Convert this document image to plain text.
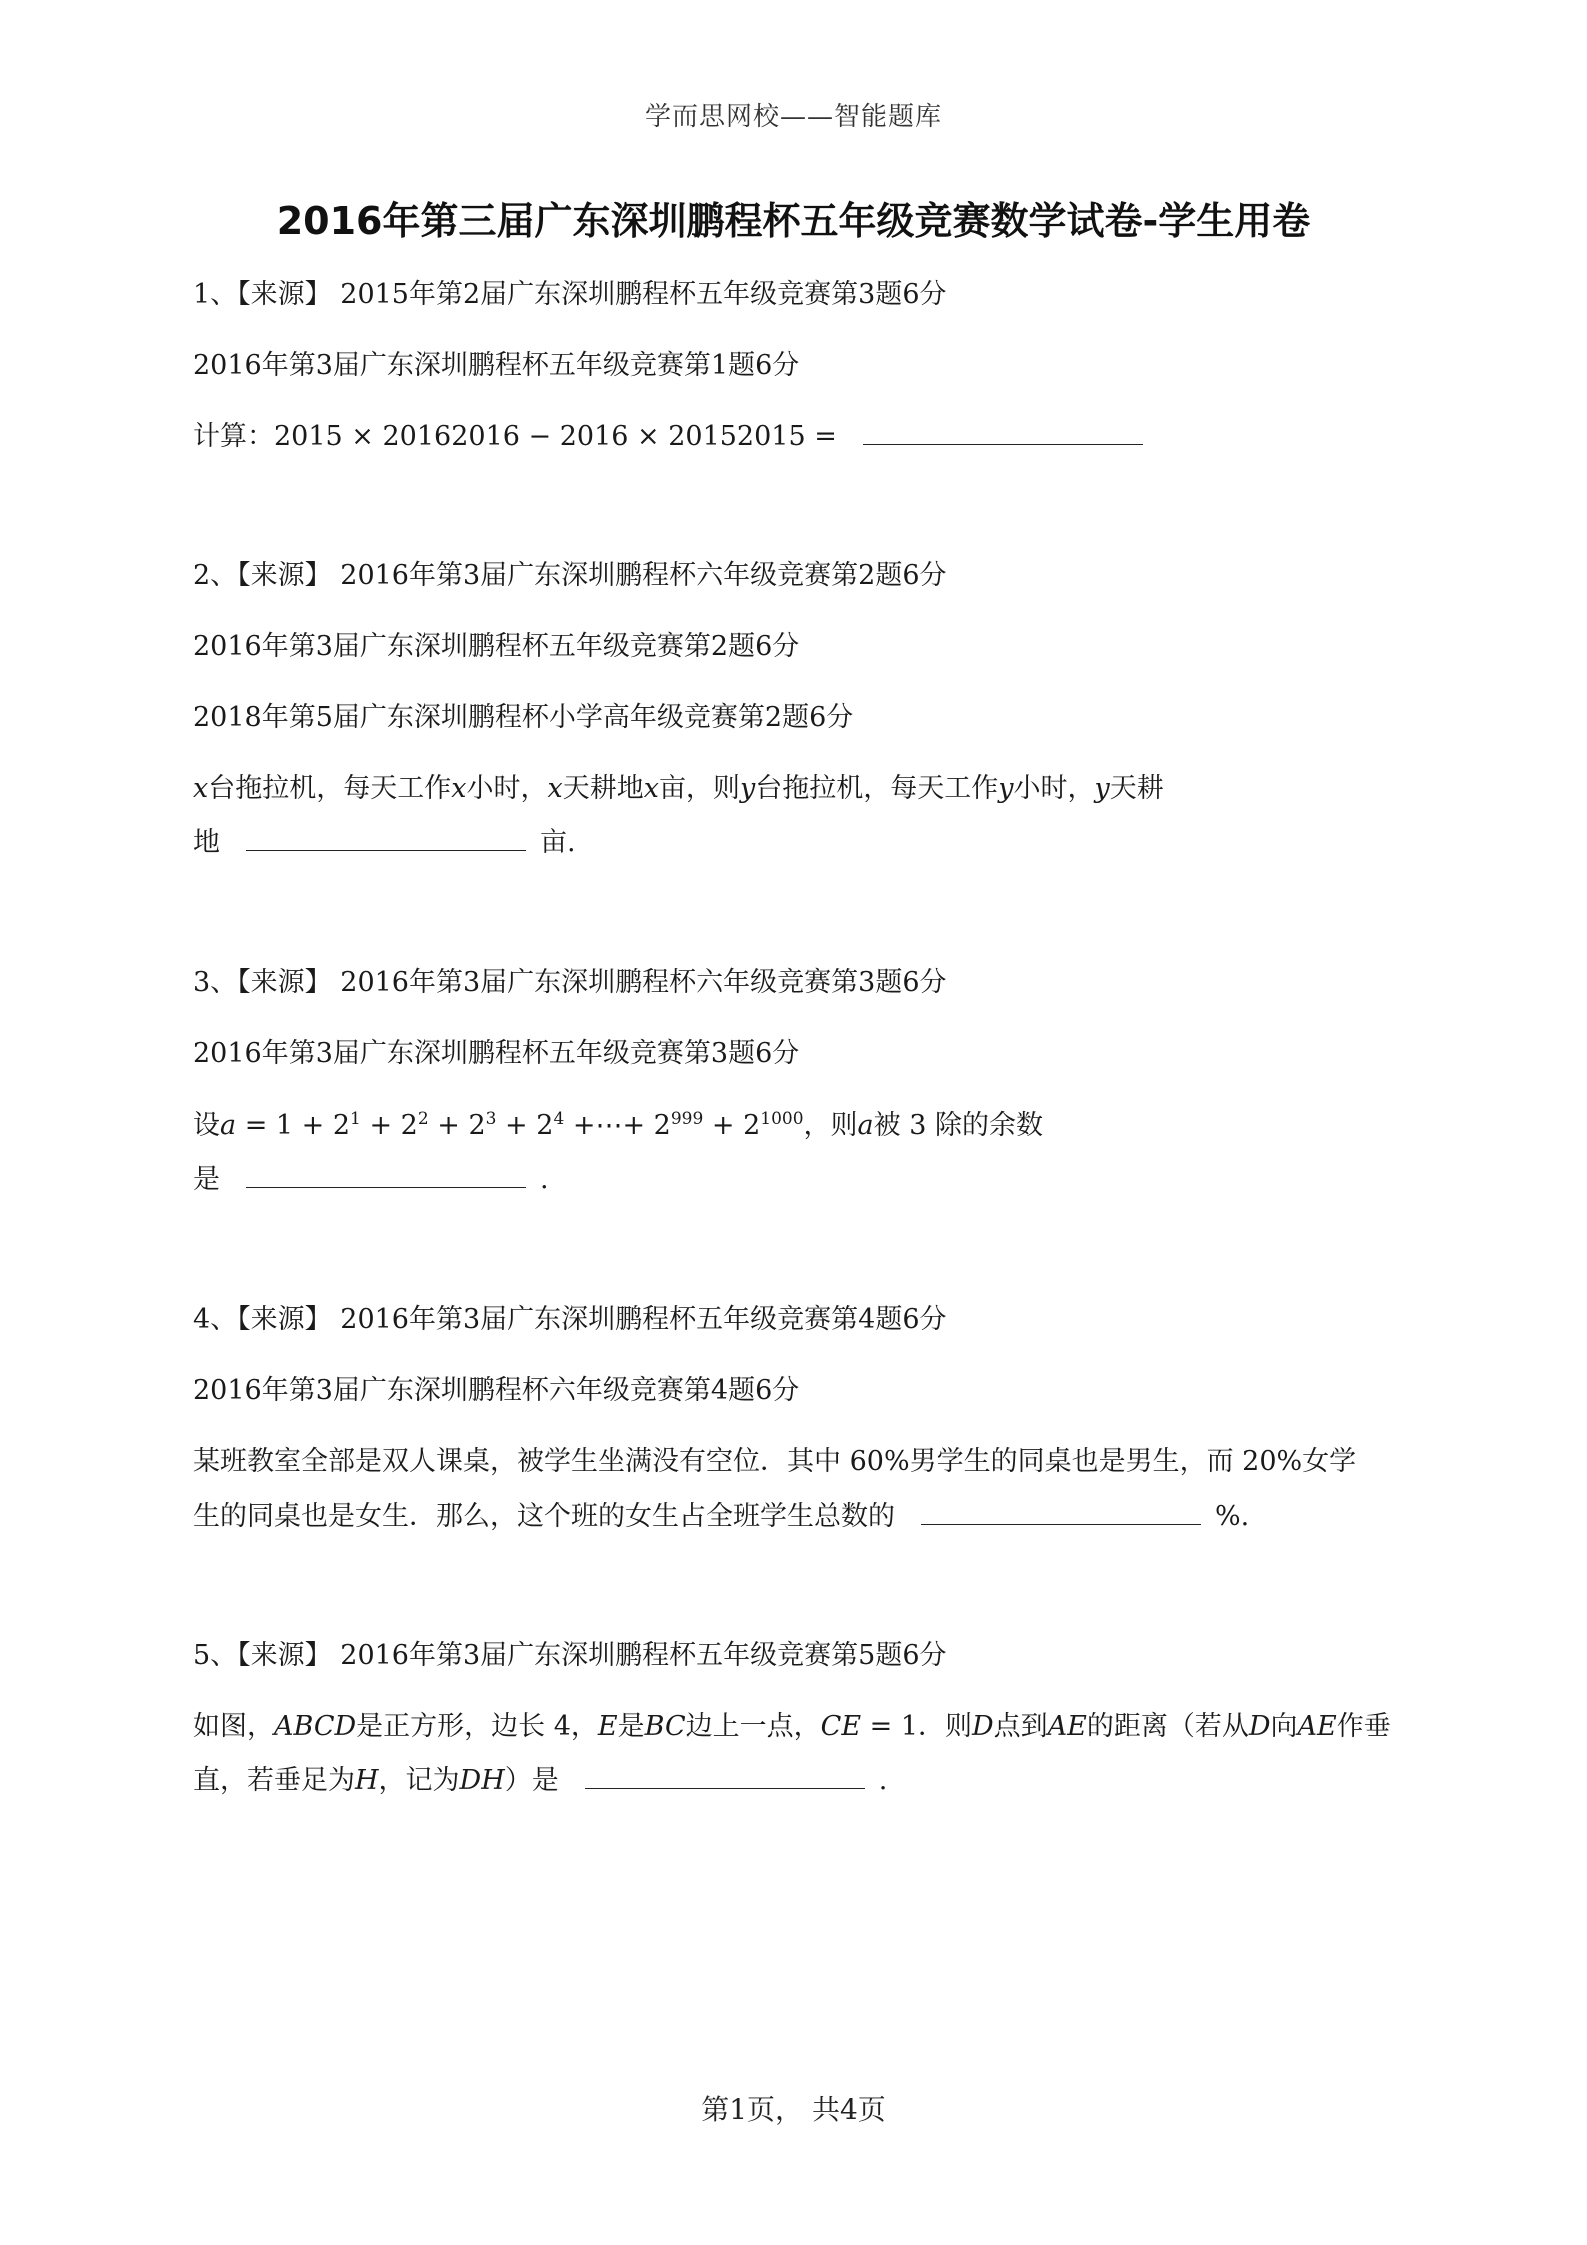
学而思网校——智能题库
2016年第三届广东深圳鹏程杯五年级竞赛数学试卷-学生用卷
1、【来源】 2015年第2届广东深圳鹏程杯五年级竞赛第3题6分
2016年第3届广东深圳鹏程杯五年级竞赛第1题6分
计算：2015 × 20162016 − 2016 × 20152015 =
2、【来源】 2016年第3届广东深圳鹏程杯六年级竞赛第2题6分
2016年第3届广东深圳鹏程杯五年级竞赛第2题6分
2018年第5届广东深圳鹏程杯小学高年级竞赛第2题6分
x台拖拉机，每天工作x小时，x天耕地x亩，则y台拖拉机，每天工作y小时，y天耕
地	亩.
3、【来源】 2016年第3届广东深圳鹏程杯六年级竞赛第3题6分
2016年第3届广东深圳鹏程杯五年级竞赛第3题6分
设$a = 1 + 2^1 + 2^2 + 2^3 + 2^4$ +⋯+ $2^{999} + 2^{1000}$，则a被 3 除的余数
是	.
4、【来源】 2016年第3届广东深圳鹏程杯五年级竞赛第4题6分
2016年第3届广东深圳鹏程杯六年级竞赛第4题6分
某班教室全部是双人课桌，被学生坐满没有空位．其中 60%男学生的同桌也是男生，而 20%女学
生的同桌也是女生．那么，这个班的女生占全班学生总数的	%.
5、【来源】 2016年第3届广东深圳鹏程杯五年级竞赛第5题6分
如图，ABCD是正方形，边长 4，E是BC边上一点，CE = 1．则D点到AE的距离（若从D向AE作垂
直，若垂足为H，记为DH）是	.
第1页， 共4页
